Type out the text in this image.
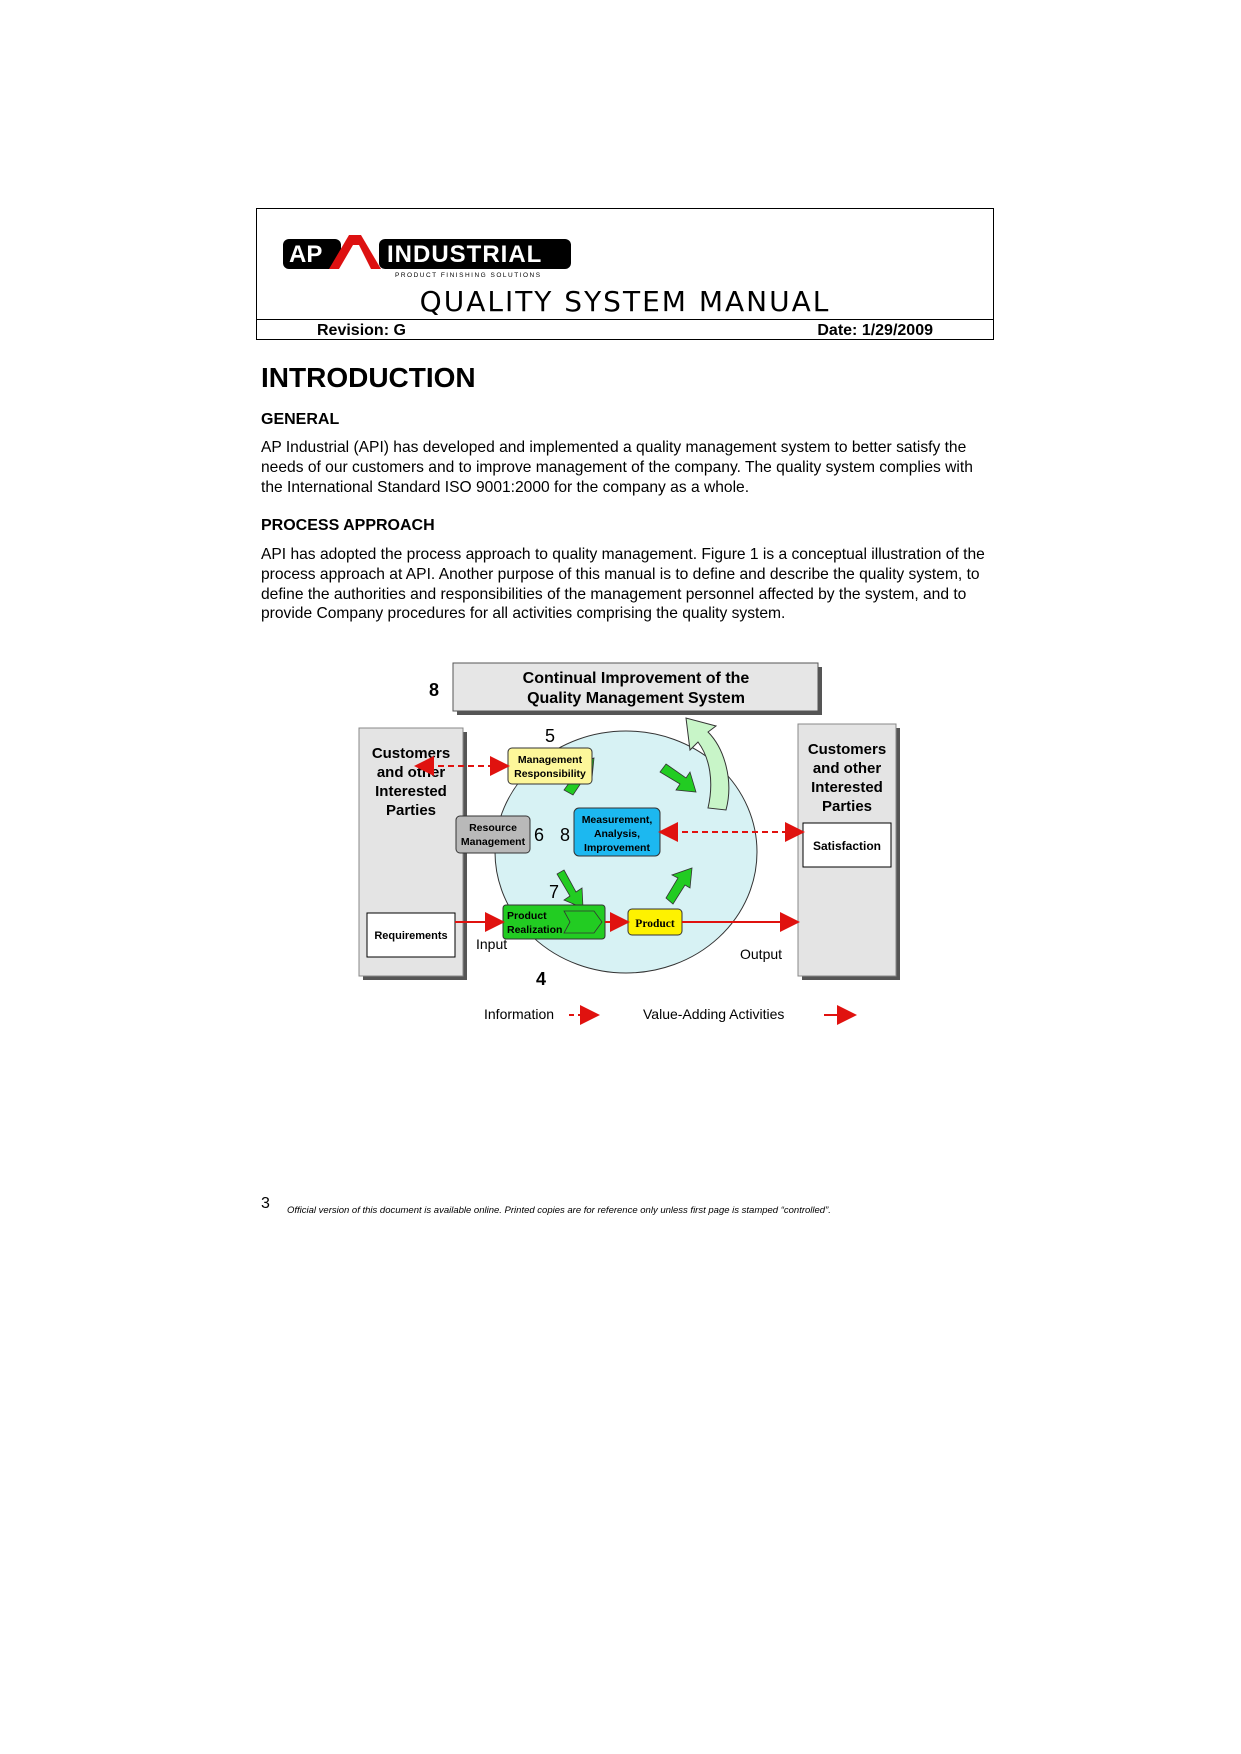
AP	INDUSTRIAL
PRODUCT FINISHING SOLUTIONS
QUALITY SYSTEM MANUAL
Revision: G	Date: 1/29/2009
INTRODUCTION
GENERAL

AP Industrial (API) has developed and implemented a quality management system to better satisfy the needs of our customers and to improve management of the company. The quality system complies with the International Standard ISO 9001:2000 for the company as a whole.

PROCESS APPROACH

API has adopted the process approach to quality management. Figure 1 is a conceptual illustration of the process approach at API. Another purpose of this manual is to define and describe the quality system, to define the authorities and responsibilities of the management personnel affected by the system, and to provide Company procedures for all activities comprising the quality system.

Continual Improvement of the
Quality Management System
8
Customers
and other
Interested
Parties
Requirements
Customers
and other
Interested
Parties
Satisfaction
5
Management
Responsibility
Resource
Management 6 8
Measurement,
Analysis,
Improvement
7
Product
Realization	Product
Input
Output
4
Information	Value-Adding Activities
3 Official version of this document is available online. Printed copies are for reference only unless first page is stamped “controlled”.
